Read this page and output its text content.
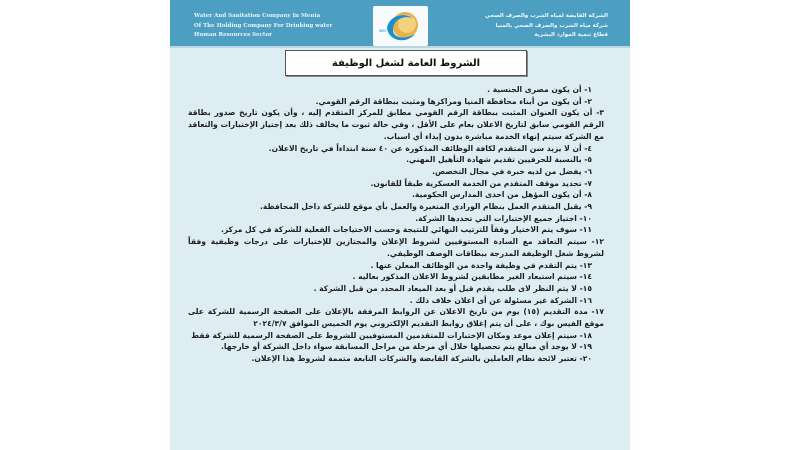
Water And Sanitation Company In Menia
Of The Holding Company For Drinking water
Human Resources Sector
wsc
الشركة القابضة لمياه الشرب والصرف الصحي
شركة مياه الشرب والصرف الصحي بالمنيا
قطاع تنمية الموارد البشرية
الشروط العامة لشغل الوظيفة
١- أن يكون مصرى الجنسية .
٢- أن يكون من أبناء محافظة المنيا ومراكزها ومثبت ببطاقة الرقم القومي.
٣- أن يكون العنوان المثبت ببطاقة الرقم القومي مطابق للمركز المتقدم إليه ، وأن يكون تاريخ صدور بطاقة الرقم القومي سابق لتاريخ الاعلان بعام على الأقل ، وفي حالة ثبوت ما يخالف ذلك بعد إجتياز الإختبارات والتعاقد مع الشركة سيتم إنهاء الخدمة مباشرة بدون إبداء أي اسباب.
٤- أن لا يزيد سن المتقدم لكافة الوظائف المذكورة عن ٤٠ سنة ابتداءاً في تاريخ الاعلان.
٥- بالنسبة للحرفيين تقديم شهادة التأهيل المهني.
٦- يفضل من لديه خبرة في مجال التخصص.
٧- تحديد موقف المتقدم من الخدمة العسكرية طبقاً للقانون.
٨- أن يكون المؤهل من احدى المدارس الحكومية.
٩- يقبل المتقدم العمل بنظام الورادي المتغيرة والعمل بأي موقع للشركة داخل المحافظة.
١٠- اجتياز جميع الإختبارات التي تحددها الشركة.
١١- سوف يتم الاختيار وفقاً للترتيب النهائي للنتيجة وحسب الاحتياجات الفعلية للشركة في كل مركز.
١٢- سيتم التعاقد مع السادة المستوفيين لشروط الإعلان والمجتازين للإختبارات على درجات وظيفية وفقاً لشروط شغل الوظيفة المدرجة ببطاقات الوصف الوظيفي.
١٣- يتم التقدم في وظيفة واحدة من الوظائف المعلن عنها .
١٤- سيتم استبعاد الغير مطابقين لشروط الاعلان المذكور بعاليه .
١٥- لا يتم النظر لاى طلب يقدم قبل أو بعد الميعاد المحدد من قبل الشركة .
١٦- الشركة غير مسئولة عن أى اعلان خلاف ذلك .
١٧- مدة التقديم (١٥) يوم من تاريخ الاعلان عن الروابط المرفقة بالإعلان على الصفحة الرسمية للشركة على موقع الفيس بوك ، على أن يتم إغلاق روابط التقديم الإلكتروني يوم الخميس الموافق ٢٠٢٤/٣/٧
١٨- سيتم إعلان موعد ومكان الإختبارات للمتقدمين المستوفيين للشروط على الصفحة الرسمية للشركة فقط
١٩- لا يوجد أي مبالغ يتم تحصيلها خلال أي مرحلة من مراحل المسابقة سواء داخل الشركة أو خارجها.
٢٠- تعتبر لائحة نظام العاملين بالشركة القابضة والشركات التابعة متممة لشروط هذا الإعلان.
